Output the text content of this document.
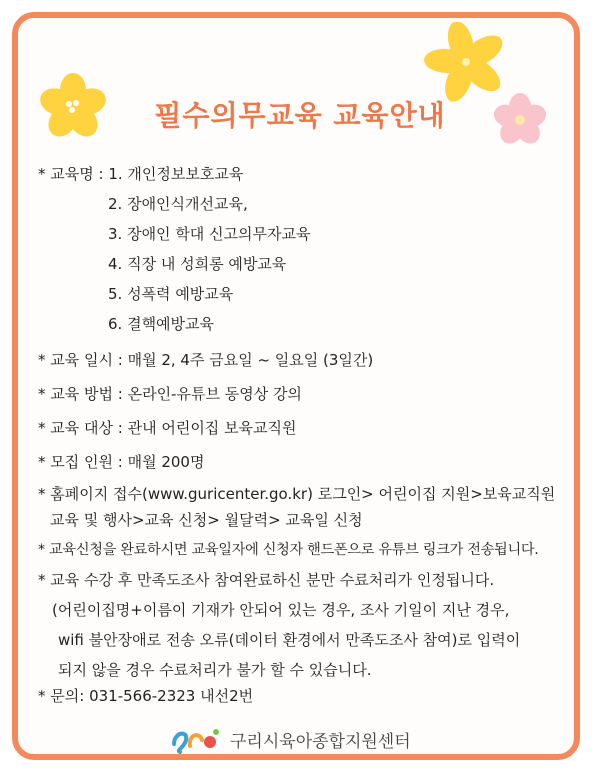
필수의무교육 교육안내
* 교육명 : 1. 개인정보보호교육
2. 장애인식개선교육,
3. 장애인 학대 신고의무자교육
4. 직장 내 성희롱 예방교육
5. 성폭력 예방교육
6. 결핵예방교육
* 교육 일시 : 매월 2, 4주 금요일 ~ 일요일 (3일간)
* 교육 방법 : 온라인-유튜브 동영상 강의
* 교육 대상 : 관내 어린이집 보육교직원
* 모집 인원 : 매월 200명
* 홈페이지 접수(www.guricenter.go.kr) 로그인> 어린이집 지원>보육교직원
교육 및 행사>교육 신청> 월달력> 교육일 신청
* 교육신청을 완료하시면 교육일자에 신청자 핸드폰으로 유튜브 링크가 전송됩니다.
* 교육 수강 후 만족도조사 참여완료하신 분만 수료처리가 인정됩니다.
(어린이집명+이름이 기재가 안되어 있는 경우, 조사 기일이 지난 경우,
wifi 불안장애로 전송 오류(데이터 환경에서 만족도조사 참여)로 입력이
되지 않을 경우 수료처리가 불가 할 수 있습니다.
* 문의: 031-566-2323 내선2번
구리시육아종합지원센터
